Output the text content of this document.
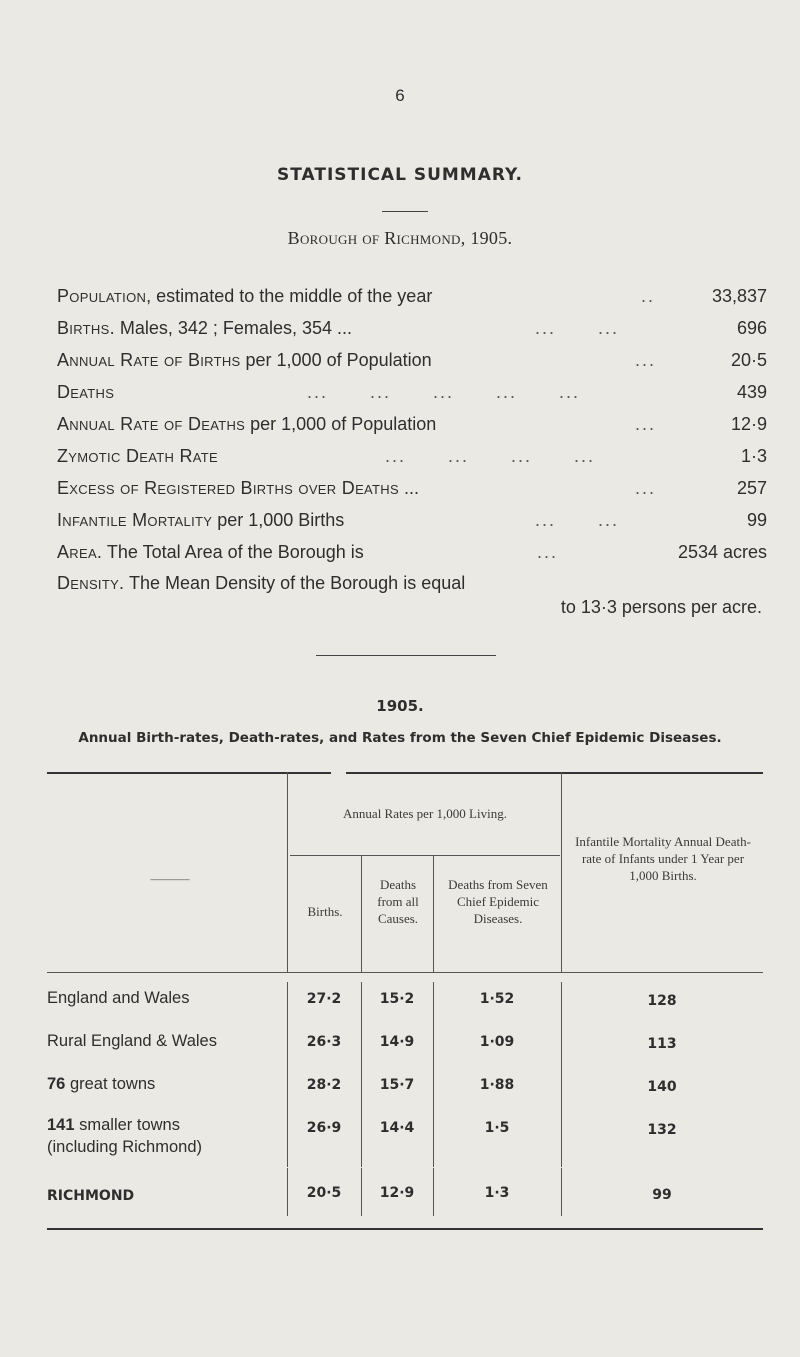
6
STATISTICAL SUMMARY.
Borough of Richmond, 1905.
Population, estimated to the middle of the year	..	33,837
Births. Males, 342 ; Females, 354 ...	...      ...	696
Annual Rate of Births per 1,000 of Population	...	20·5
Deaths	...      ...      ...      ...      ...	439
Annual Rate of Deaths per 1,000 of Population	...	12·9
Zymotic Death Rate	...      ...      ...      ...	1·3
Excess of Registered Births over Deaths ...	...	257
Infantile Mortality per 1,000 Births	...      ...	99
Area. The Total Area of the Borough is	...	2534 acres
Density. The Mean Density of the Borough is equal
to 13·3 persons per acre.
1905.
Annual Birth-rates, Death-rates, and Rates from the Seven Chief Epidemic Diseases.
———
Annual Rates per 1,000 Living.
Births.
Deaths from all Causes.
Deaths from Seven Chief Epidemic Diseases.
Infantile Mortality Annual Death-rate of Infants under 1 Year per 1,000 Births.
England and Wales	27·2	15·2	1·52	128
Rural England & Wales	26·3	14·9	1·09	113
76 great towns	28·2	15·7	1·88	140
141 smaller towns
(including Richmond)
26·9	14·4	1·5	132
RICHMOND	20·5	12·9	1·3	99
